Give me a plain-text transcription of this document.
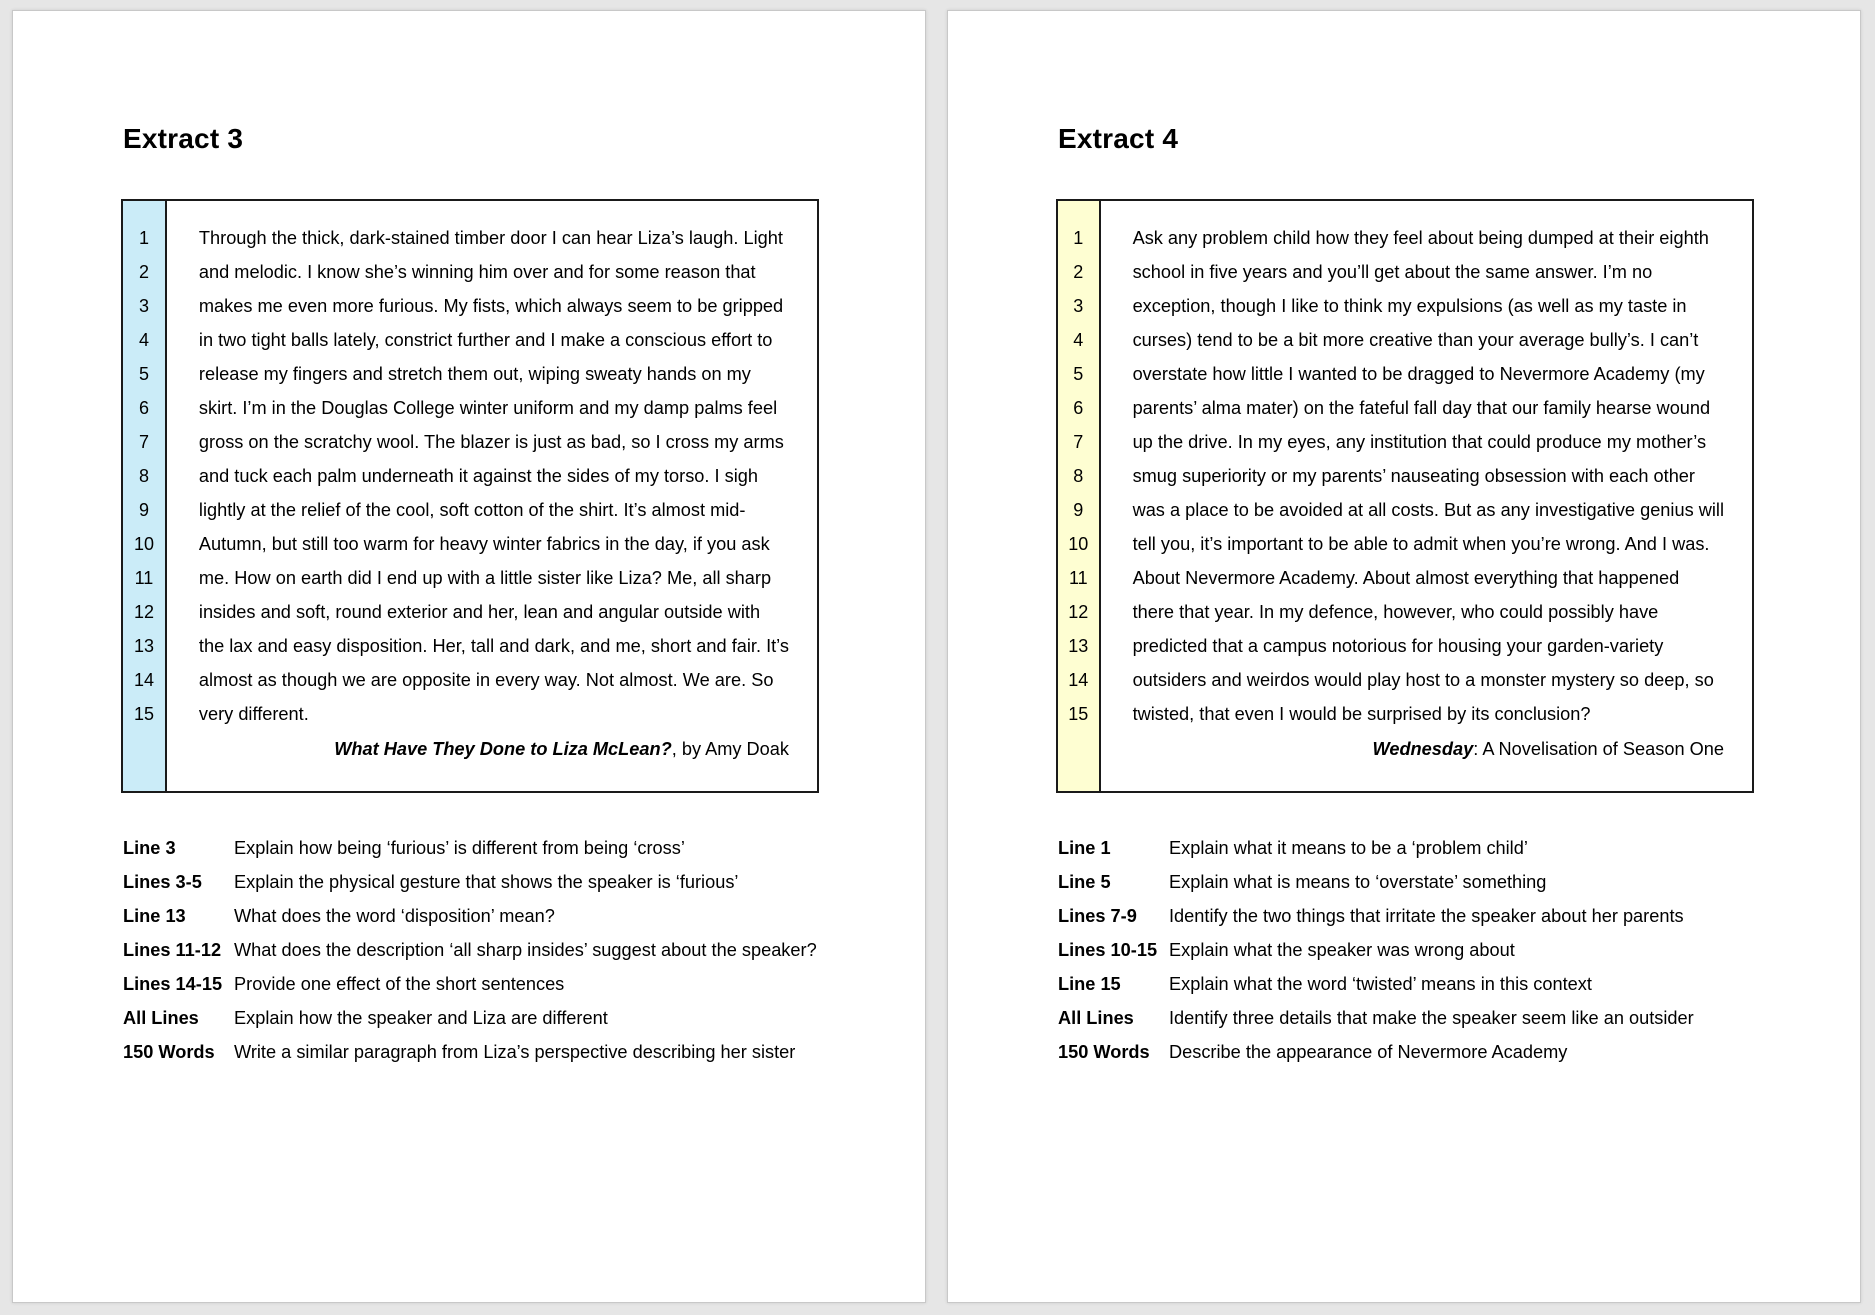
Extract 3
1
2
3
4
5
6
7
8
9
10
11
12
13
14
15
Through the thick, dark-stained timber door I can hear Liza’s laugh. Light
and melodic. I know she’s winning him over and for some reason that
makes me even more furious. My fists, which always seem to be gripped
in two tight balls lately, constrict further and I make a conscious effort to
release my fingers and stretch them out, wiping sweaty hands on my
skirt. I’m in the Douglas College winter uniform and my damp palms feel
gross on the scratchy wool. The blazer is just as bad, so I cross my arms
and tuck each palm underneath it against the sides of my torso. I sigh
lightly at the relief of the cool, soft cotton of the shirt. It’s almost mid-
Autumn, but still too warm for heavy winter fabrics in the day, if you ask
me. How on earth did I end up with a little sister like Liza? Me, all sharp
insides and soft, round exterior and her, lean and angular outside with
the lax and easy disposition. Her, tall and dark, and me, short and fair. It’s
almost as though we are opposite in every way. Not almost. We are. So
very different.
What Have They Done to Liza McLean?, by Amy Doak
Line 3	Explain how being ‘furious’ is different from being ‘cross’
Lines 3-5	Explain the physical gesture that shows the speaker is ‘furious’
Line 13	What does the word ‘disposition’ mean?
Lines 11-12 What does the description ‘all sharp insides’ suggest about the speaker?
Lines 14-15 Provide one effect of the short sentences
All Lines	Explain how the speaker and Liza are different
150 Words	Write a similar paragraph from Liza’s perspective describing her sister
Extract 4
1
2
3
4
5
6
7
8
9
10
11
12
13
14
15
Ask any problem child how they feel about being dumped at their eighth
school in five years and you’ll get about the same answer. I’m no
exception, though I like to think my expulsions (as well as my taste in
curses) tend to be a bit more creative than your average bully’s. I can’t
overstate how little I wanted to be dragged to Nevermore Academy (my
parents’ alma mater) on the fateful fall day that our family hearse wound
up the drive. In my eyes, any institution that could produce my mother’s
smug superiority or my parents’ nauseating obsession with each other
was a place to be avoided at all costs. But as any investigative genius will
tell you, it’s important to be able to admit when you’re wrong. And I was.
About Nevermore Academy. About almost everything that happened
there that year. In my defence, however, who could possibly have
predicted that a campus notorious for housing your garden-variety
outsiders and weirdos would play host to a monster mystery so deep, so
twisted, that even I would be surprised by its conclusion?
Wednesday: A Novelisation of Season One
Line 1	Explain what it means to be a ‘problem child’
Line 5	Explain what is means to ‘overstate’ something
Lines 7-9	Identify the two things that irritate the speaker about her parents
Lines 10-15 Explain what the speaker was wrong about
Line 15	Explain what the word ‘twisted’ means in this context
All Lines	Identify three details that make the speaker seem like an outsider
150 Words	Describe the appearance of Nevermore Academy
